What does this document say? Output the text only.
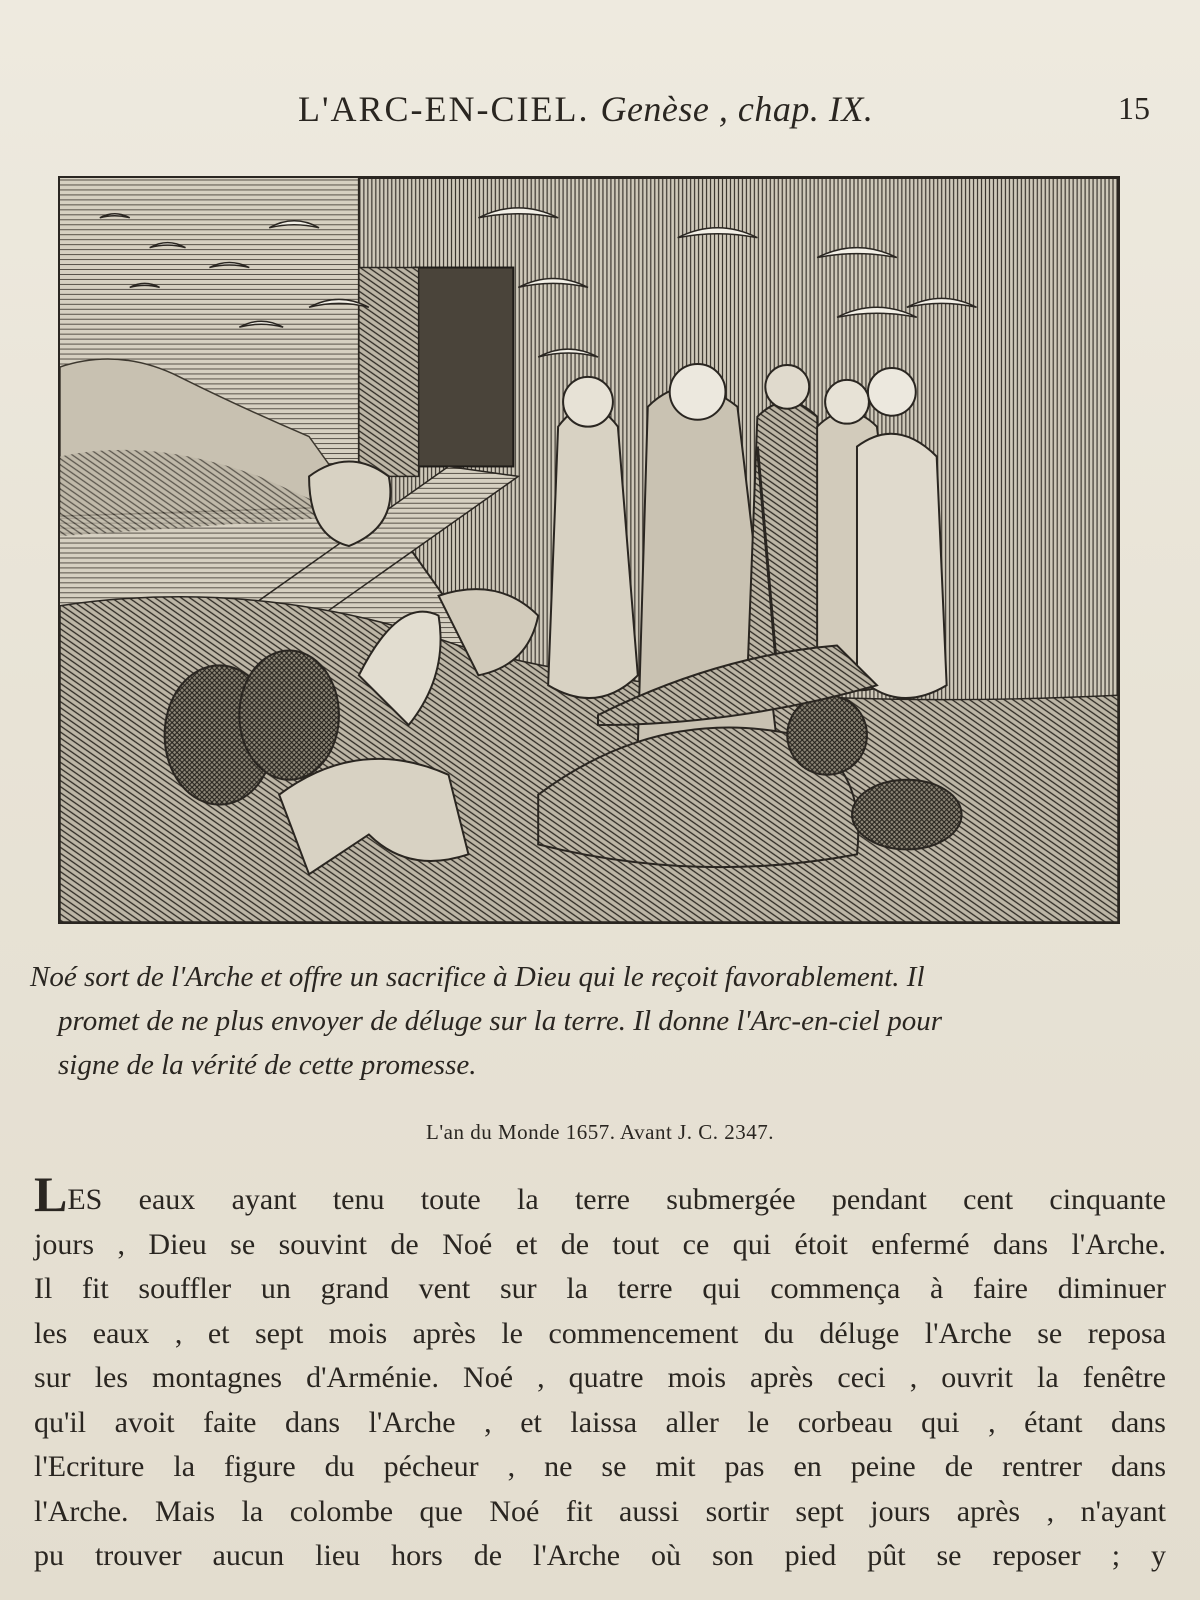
L'ARC-EN-CIEL. Genèse , chap. IX.	15
Noé sort de l'Arche et offre un sacrifice à Dieu qui le reçoit favorablement. Il
promet de ne plus envoyer de déluge sur la terre. Il donne l'Arc-en-ciel pour
signe de la vérité de cette promesse.
L'an du Monde 1657. Avant J. C. 2347.
LES eaux ayant tenu toute la terre submergée pendant cent cinquante
jours , Dieu se souvint de Noé et de tout ce qui étoit enfermé dans l'Arche.
Il fit souffler un grand vent sur la terre qui commença à faire diminuer
les eaux , et sept mois après le commencement du déluge l'Arche se reposa
sur les montagnes d'Arménie. Noé , quatre mois après ceci , ouvrit la fenêtre
qu'il avoit faite dans l'Arche , et laissa aller le corbeau qui , étant dans
l'Ecriture la figure du pécheur , ne se mit pas en peine de rentrer dans
l'Arche. Mais la colombe que Noé fit aussi sortir sept jours après , n'ayant
pu trouver aucun lieu hors de l'Arche où son pied pût se reposer ; y
